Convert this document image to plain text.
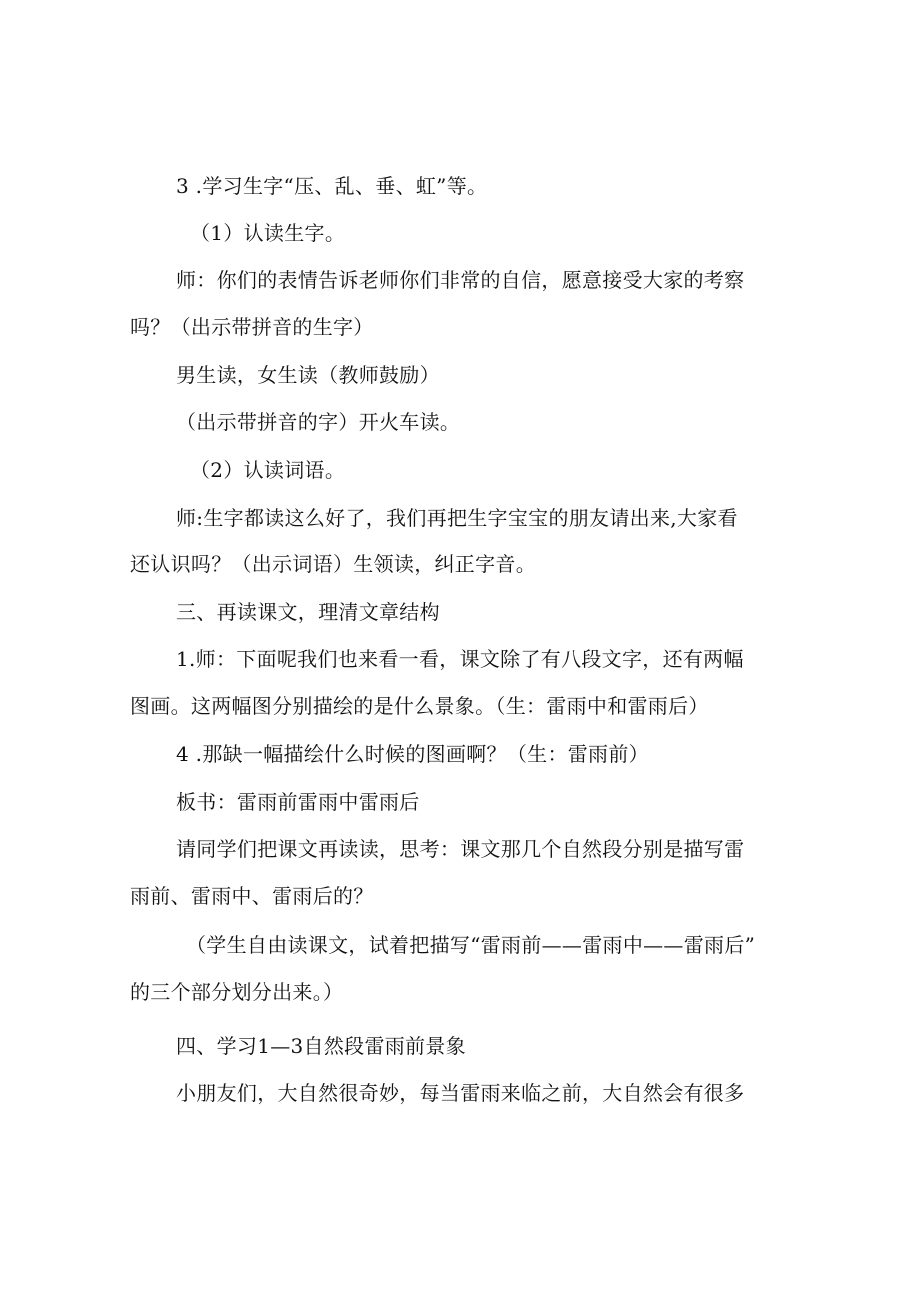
3 .学习生字“压、乱、垂、虹”等。
（1）认读生字。
师：你们的表情告诉老师你们非常的自信，愿意接受大家的考察
吗？（出示带拼音的生字）
男生读，女生读（教师鼓励）
（出示带拼音的字）开火车读。
（2）认读词语。
师:生字都读这么好了，我们再把生字宝宝的朋友请出来,大家看
还认识吗？（出示词语）生领读，纠正字音。
三、再读课文，理清文章结构
1.师：下面呢我们也来看一看，课文除了有八段文字，还有两幅
图画。这两幅图分别描绘的是什么景象。（生：雷雨中和雷雨后）
4 .那缺一幅描绘什么时候的图画啊？（生：雷雨前）
板书：雷雨前雷雨中雷雨后
请同学们把课文再读读，思考：课文那几个自然段分别是描写雷
雨前、雷雨中、雷雨后的？
（学生自由读课文，试着把描写“雷雨前——雷雨中——雷雨后”
的三个部分划分出来。）
四、学习1—3自然段雷雨前景象
小朋友们，大自然很奇妙，每当雷雨来临之前，大自然会有很多
